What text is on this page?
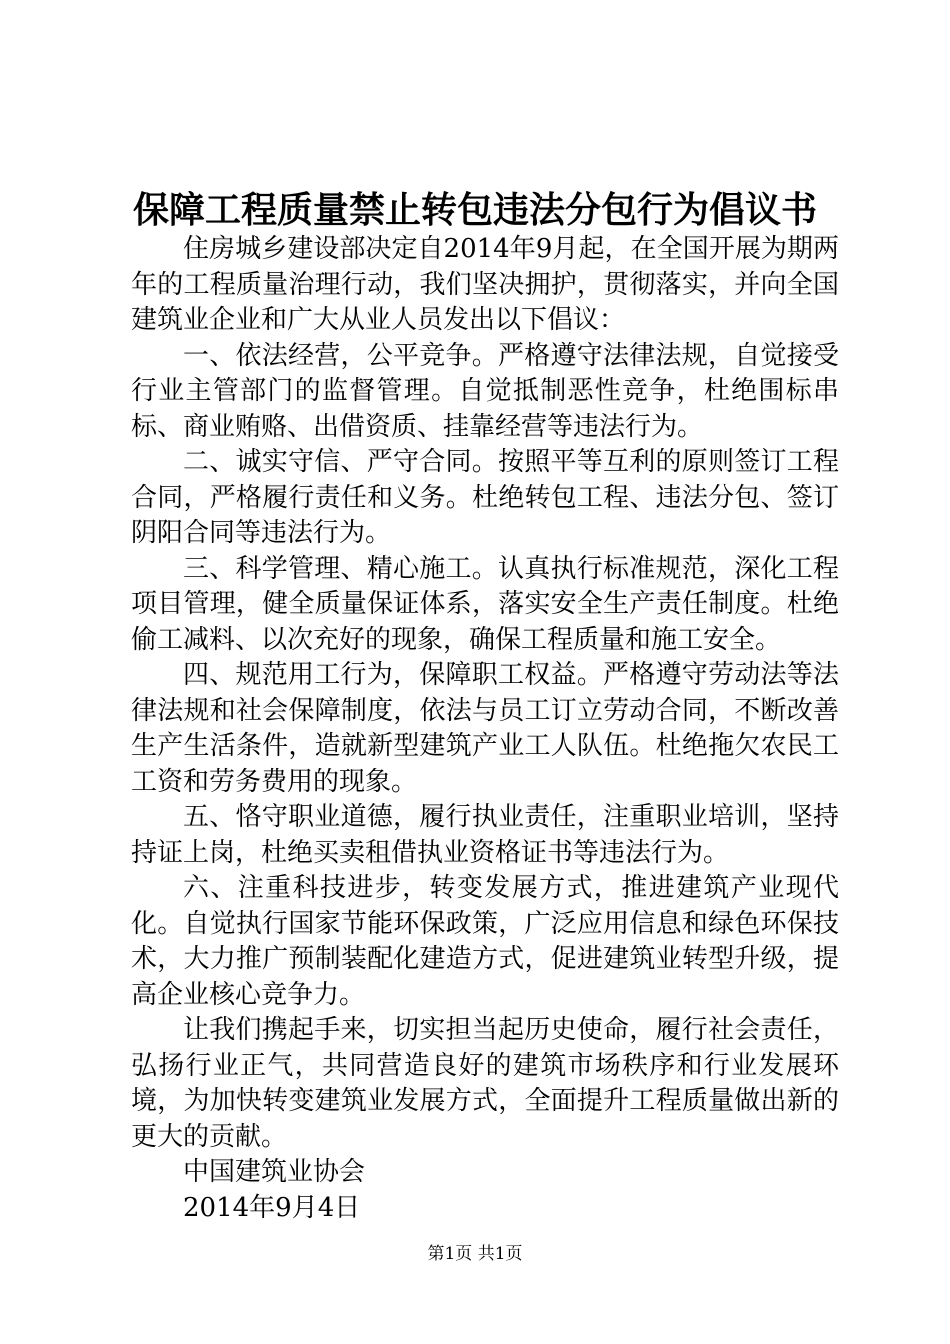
保障工程质量禁止转包违法分包行为倡议书

住房城乡建设部决定自2014年9月起，在全国开展为期两年的工程质量治理行动，我们坚决拥护，贯彻落实，并向全国建筑业企业和广大从业人员发出以下倡议：

一、依法经营，公平竞争。严格遵守法律法规，自觉接受行业主管部门的监督管理。自觉抵制恶性竞争，杜绝围标串标、商业贿赂、出借资质、挂靠经营等违法行为。

二、诚实守信、严守合同。按照平等互利的原则签订工程合同，严格履行责任和义务。杜绝转包工程、违法分包、签订阴阳合同等违法行为。

三、科学管理、精心施工。认真执行标准规范，深化工程项目管理，健全质量保证体系，落实安全生产责任制度。杜绝偷工减料、以次充好的现象，确保工程质量和施工安全。

四、规范用工行为，保障职工权益。严格遵守劳动法等法律法规和社会保障制度，依法与员工订立劳动合同，不断改善生产生活条件，造就新型建筑产业工人队伍。杜绝拖欠农民工工资和劳务费用的现象。

五、恪守职业道德，履行执业责任，注重职业培训，坚持持证上岗，杜绝买卖租借执业资格证书等违法行为。

六、注重科技进步，转变发展方式，推进建筑产业现代化。自觉执行国家节能环保政策，广泛应用信息和绿色环保技术，大力推广预制装配化建造方式，促进建筑业转型升级，提高企业核心竞争力。

让我们携起手来，切实担当起历史使命，履行社会责任，弘扬行业正气，共同营造良好的建筑市场秩序和行业发展环境，为加快转变建筑业发展方式，全面提升工程质量做出新的更大的贡献。

中国建筑业协会

2014年9月4日

第1页 共1页
